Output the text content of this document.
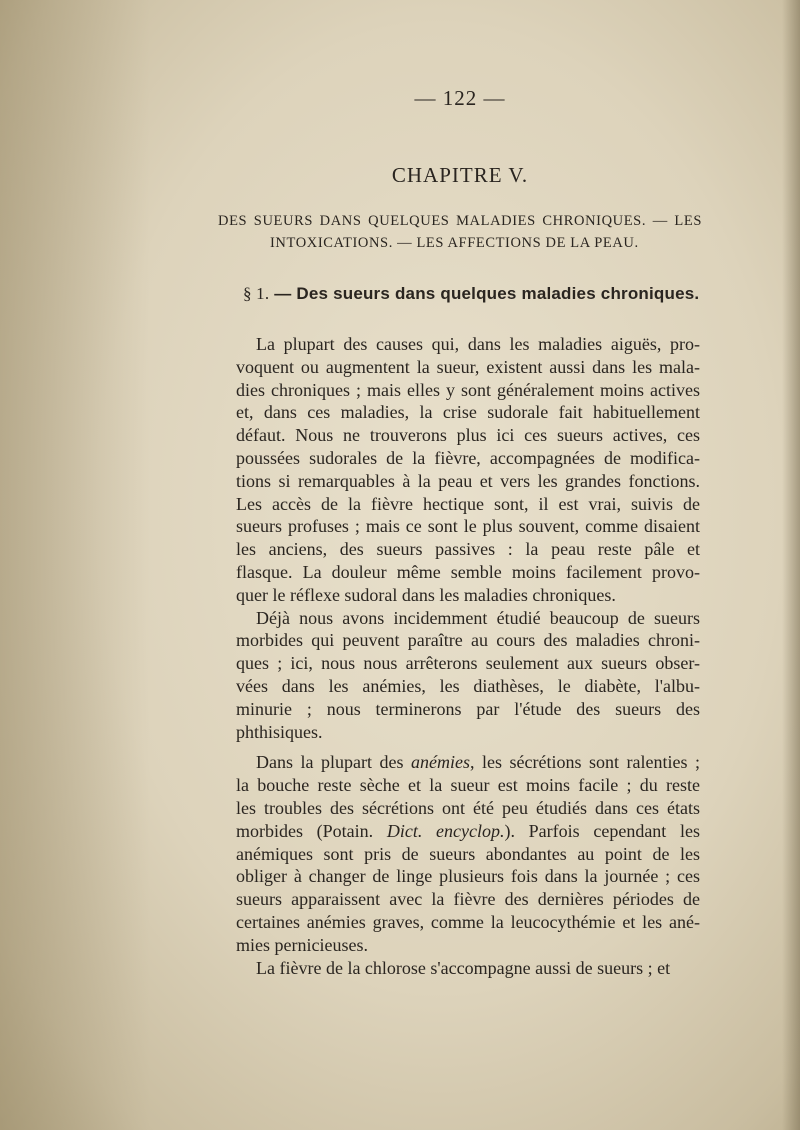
— 122 —
CHAPITRE V.
DES SUEURS DANS QUELQUES MALADIES CHRONIQUES. — LES
INTOXICATIONS. — LES AFFECTIONS DE LA PEAU.
§ 1. — Des sueurs dans quelques maladies chroniques.
La plupart des causes qui, dans les maladies aiguës, pro-
voquent ou augmentent la sueur, existent aussi dans les mala-
dies chroniques ; mais elles y sont généralement moins actives
et, dans ces maladies, la crise sudorale fait habituellement
défaut. Nous ne trouverons plus ici ces sueurs actives, ces
poussées sudorales de la fièvre, accompagnées de modifica-
tions si remarquables à la peau et vers les grandes fonctions.
Les accès de la fièvre hectique sont, il est vrai, suivis de
sueurs profuses ; mais ce sont le plus souvent, comme disaient
les anciens, des sueurs passives : la peau reste pâle et
flasque. La douleur même semble moins facilement provo-
quer le réflexe sudoral dans les maladies chroniques.
Déjà nous avons incidemment étudié beaucoup de sueurs
morbides qui peuvent paraître au cours des maladies chroni-
ques ; ici, nous nous arrêterons seulement aux sueurs obser-
vées dans les anémies, les diathèses, le diabète, l'albu-
minurie ; nous terminerons par l'étude des sueurs des
phthisiques.
Dans la plupart des anémies, les sécrétions sont ralenties ;
la bouche reste sèche et la sueur est moins facile ; du reste
les troubles des sécrétions ont été peu étudiés dans ces états
morbides (Potain. Dict. encyclop.). Parfois cependant les
anémiques sont pris de sueurs abondantes au point de les
obliger à changer de linge plusieurs fois dans la journée ; ces
sueurs apparaissent avec la fièvre des dernières périodes de
certaines anémies graves, comme la leucocythémie et les ané-
mies pernicieuses.
La fièvre de la chlorose s'accompagne aussi de sueurs ; et
